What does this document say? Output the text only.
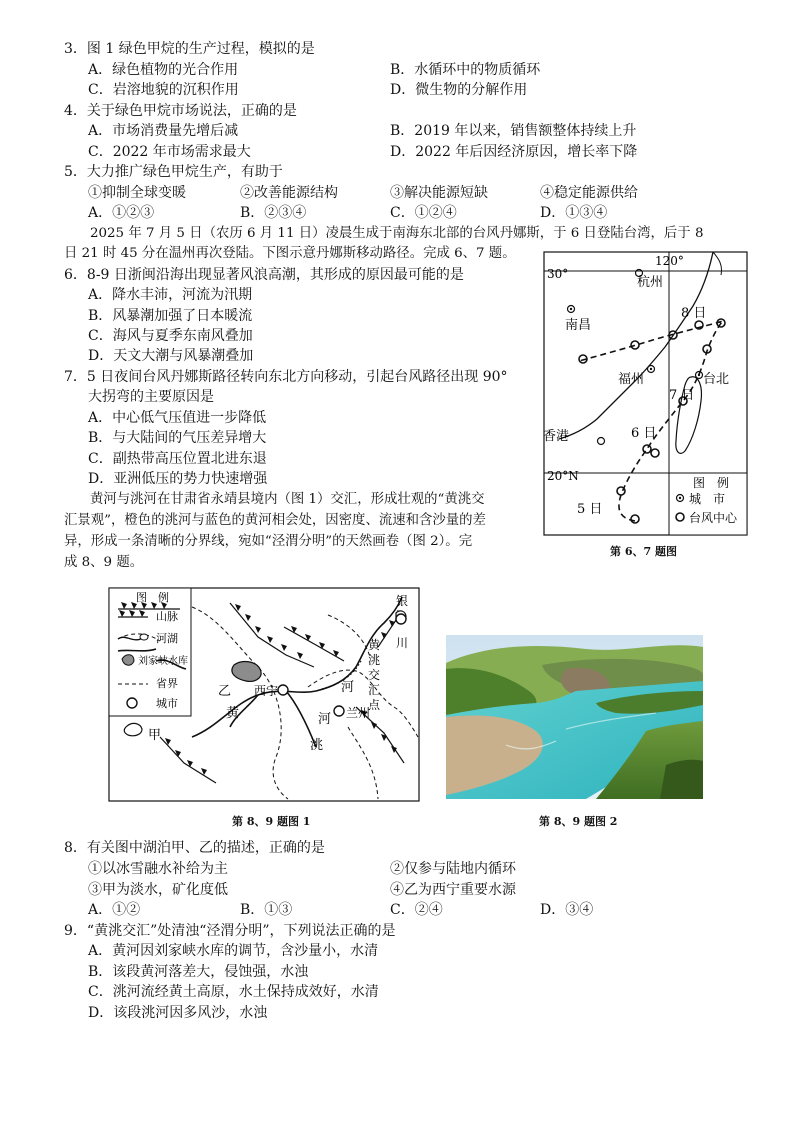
3．图 1 绿色甲烷的生产过程，模拟的是
A．绿色植物的光合作用	B．水循环中的物质循环
C．岩溶地貌的沉积作用	D．微生物的分解作用
4．关于绿色甲烷市场说法，正确的是
A．市场消费量先增后减	B．2019 年以来，销售额整体持续上升
C．2022 年市场需求最大	D．2022 年后因经济原因，增长率下降
5．大力推广绿色甲烷生产，有助于
①抑制全球变暖	②改善能源结构	③解决能源短缺	④稳定能源供给
A．①②③	B．②③④	C．①②④	D．①③④
2025 年 7 月 5 日（农历 6 月 11 日）凌晨生成于南海东北部的台风丹娜斯，于 6 日登陆台湾，后于 8
日 21 时 45 分在温州再次登陆。下图示意丹娜斯移动路径。完成 6、7 题。
6．8-9 日浙闽沿海出现显著风浪高潮，其形成的原因最可能的是
A．降水丰沛，河流为汛期
B．风暴潮加强了日本暖流
C．海风与夏季东南风叠加
D．天文大潮与风暴潮叠加
7．5 日夜间台风丹娜斯路径转向东北方向移动，引起台风路径出现 90°
大拐弯的主要原因是
A．中心低气压值进一步降低
B．与大陆间的气压差异增大
C．副热带高压位置北进东退
D．亚洲低压的势力快速增强
黄河与洮河在甘肃省永靖县境内（图 1）交汇，形成壮观的“黄洮交
汇景观”，橙色的洮河与蓝色的黄河相会处，因密度、流速和含沙量的差
异，形成一条清晰的分界线，宛如“泾渭分明”的天然画卷（图 2）。完
成 8、9 题。
120°
30°
20°N
杭州
南昌
福州	台北
香港
8 日
7 日
6 日
5 日
图　例
城　市
台风中心
第 6、7 题图
图　例
山脉
河湖
刘家峡水库
省界
城市
乙
甲
西宁
兰州
黄
河
河
洮
银
川
黄
洮
交
汇
点
第 8、9 题图 1	第 8、9 题图 2
8．有关图中湖泊甲、乙的描述，正确的是
①以冰雪融水补给为主	②仅参与陆地内循环
③甲为淡水，矿化度低	④乙为西宁重要水源
A．①②	B．①③	C．②④	D．③④
9．“黄洮交汇”处清浊“泾渭分明”，下列说法正确的是
A．黄河因刘家峡水库的调节，含沙量小，水清
B．该段黄河落差大，侵蚀强，水浊
C．洮河流经黄土高原，水土保持成效好，水清
D．该段洮河因多风沙，水浊
